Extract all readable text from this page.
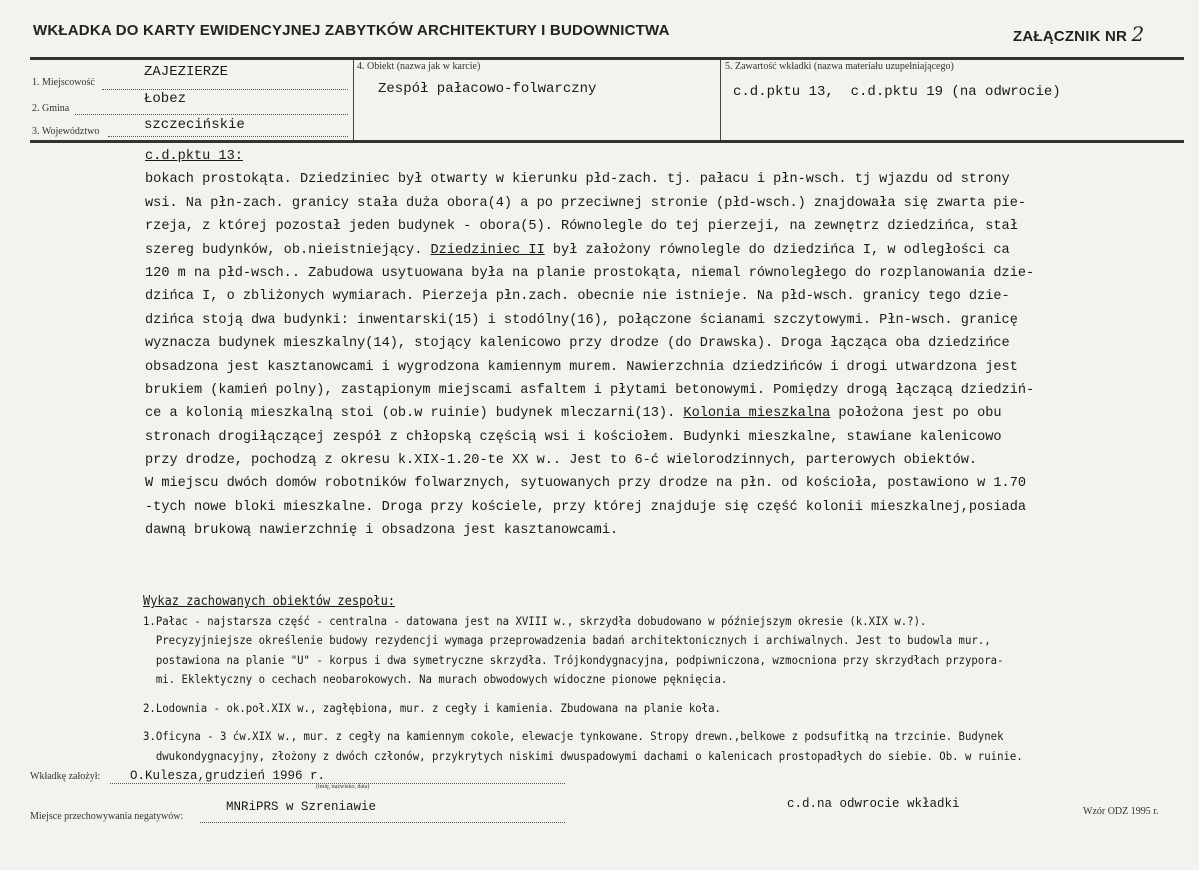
WKŁADKA DO KARTY EWIDENCYJNEJ ZABYTKÓW ARCHITEKTURY I BUDOWNICTWA	ZAŁĄCZNIK NR 2
1. Miejscowość
ZAJEZIERZE
2. Gmina
Łobez
3. Województwo	szczecińskie
4. Obiekt (nazwa jak w karcie)
Zespół pałacowo-folwarczny
5. Zawartość wkładki (nazwa materiału uzupełniającego)
c.d.pktu 13,  c.d.pktu 19 (na odwrocie)
c.d.pktu 13:
bokach prostokąta. Dziedziniec był otwarty w kierunku płd-zach. tj. pałacu i płn-wsch. tj wjazdu od strony
wsi. Na płn-zach. granicy stała duża obora(4) a po przeciwnej stronie (płd-wsch.) znajdowała się zwarta pie-
rzeja, z której pozostał jeden budynek - obora(5). Równolegle do tej pierzeji, na zewnętrz dziedzińca, stał
szereg budynków, ob.nieistniejący. Dziedziniec II był założony równolegle do dziedzińca I, w odległości ca
120 m na płd-wsch.. Zabudowa usytuowana była na planie prostokąta, niemal równoległego do rozplanowania dzie-
dzińca I, o zbliżonych wymiarach. Pierzeja płn.zach. obecnie nie istnieje. Na płd-wsch. granicy tego dzie-
dzińca stoją dwa budynki: inwentarski(15) i stodólny(16), połączone ścianami szczytowymi. Płn-wsch. granicę
wyznacza budynek mieszkalny(14), stojący kalenicowo przy drodze (do Drawska). Droga łącząca oba dziedzińce
obsadzona jest kasztanowcami i wygrodzona kamiennym murem. Nawierzchnia dziedzińców i drogi utwardzona jest
brukiem (kamień polny), zastąpionym miejscami asfaltem i płytami betonowymi. Pomiędzy drogą łączącą dziedziń-
ce a kolonią mieszkalną stoi (ob.w ruinie) budynek mleczarni(13). Kolonia mieszkalna położona jest po obu
stronach drogiłączącej zespół z chłopską częścią wsi i kościołem. Budynki mieszkalne, stawiane kalenicowo
przy drodze, pochodzą z okresu k.XIX-1.20-te XX w.. Jest to 6-ć wielorodzinnych, parterowych obiektów.
W miejscu dwóch domów robotników folwarznych, sytuowanych przy drodze na płn. od kościoła, postawiono w 1.70
-tych nowe bloki mieszkalne. Droga przy kościele, przy której znajduje się część kolonii mieszkalnej,posiada
dawną brukową nawierzchnię i obsadzona jest kasztanowcami.
Wykaz zachowanych obiektów zespołu:
1.Pałac - najstarsza część - centralna - datowana jest na XVIII w., skrzydła dobudowano w późniejszym okresie (k.XIX w.?).
Precyzyjniejsze określenie budowy rezydencji wymaga przeprowadzenia badań architektonicznych i archiwalnych. Jest to budowla mur.,
postawiona na planie "U" - korpus i dwa symetryczne skrzydła. Trójkondygnacyjna, podpiwniczona, wzmocniona przy skrzydłach przypora-
mi. Eklektyczny o cechach neobarokowych. Na murach obwodowych widoczne pionowe pęknięcia.
2.Lodownia - ok.poł.XIX w., zagłębiona, mur. z cegły i kamienia. Zbudowana na planie koła.
3.Oficyna - 3 ćw.XIX w., mur. z cegły na kamiennym cokole, elewacje tynkowane. Stropy drewn.,belkowe z podsufitką na trzcinie. Budynek
dwukondygnacyjny, złożony z dwóch członów, przykrytych niskimi dwuspadowymi dachami o kalenicach prostopadłych do siebie. Ob. w ruinie.
Wkładkę założył: O.Kulesza,grudzień 1996 r.
(imię, nazwisko, data)
Miejsce przechowywania negatywów:
MNRiPRS w Szreniawie	c.d.na odwrocie wkładki
Wzór ODZ 1995 r.
